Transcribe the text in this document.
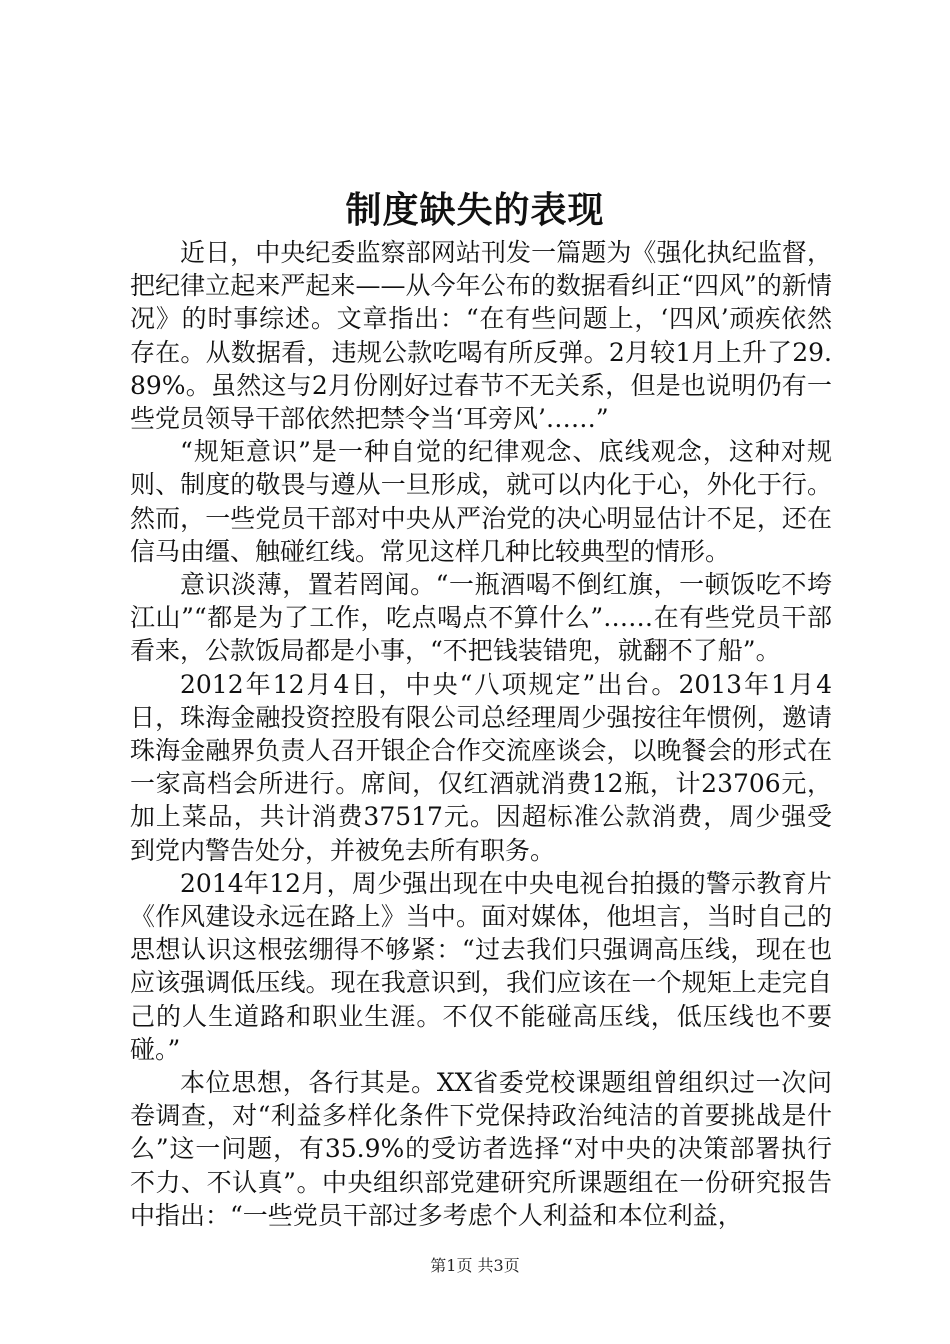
制度缺失的表现

近日，中央纪委监察部网站刊发一篇题为《强化执纪监督，把纪律立起来严起来——从今年公布的数据看纠正“四风”的新情况》的时事综述。文章指出：“在有些问题上，‘四风’顽疾依然存在。从数据看，违规公款吃喝有所反弹。2月较1月上升了29.89%。虽然这与2月份刚好过春节不无关系，但是也说明仍有一些党员领导干部依然把禁令当‘耳旁风’……”

“规矩意识”是一种自觉的纪律观念、底线观念，这种对规则、制度的敬畏与遵从一旦形成，就可以内化于心，外化于行。然而，一些党员干部对中央从严治党的决心明显估计不足，还在信马由缰、触碰红线。常见这样几种比较典型的情形。

意识淡薄，置若罔闻。“一瓶酒喝不倒红旗，一顿饭吃不垮江山”“都是为了工作，吃点喝点不算什么”……在有些党员干部看来，公款饭局都是小事，“不把钱装错兜，就翻不了船”。

2012年12月4日，中央“八项规定”出台。2013年1月4日，珠海金融投资控股有限公司总经理周少强按往年惯例，邀请珠海金融界负责人召开银企合作交流座谈会，以晚餐会的形式在一家高档会所进行。席间，仅红酒就消费12瓶，计23706元，加上菜品，共计消费37517元。因超标准公款消费，周少强受到党内警告处分，并被免去所有职务。

2014年12月，周少强出现在中央电视台拍摄的警示教育片《作风建设永远在路上》当中。面对媒体，他坦言，当时自己的思想认识这根弦绷得不够紧：“过去我们只强调高压线，现在也应该强调低压线。现在我意识到，我们应该在一个规矩上走完自己的人生道路和职业生涯。不仅不能碰高压线，低压线也不要碰。”

本位思想，各行其是。XX省委党校课题组曾组织过一次问卷调查，对“利益多样化条件下党保持政治纯洁的首要挑战是什么”这一问题，有35.9%的受访者选择“对中央的决策部署执行不力、不认真”。中央组织部党建研究所课题组在一份研究报告中指出：“一些党员干部过多考虑个人利益和本位利益，

第1页 共3页
